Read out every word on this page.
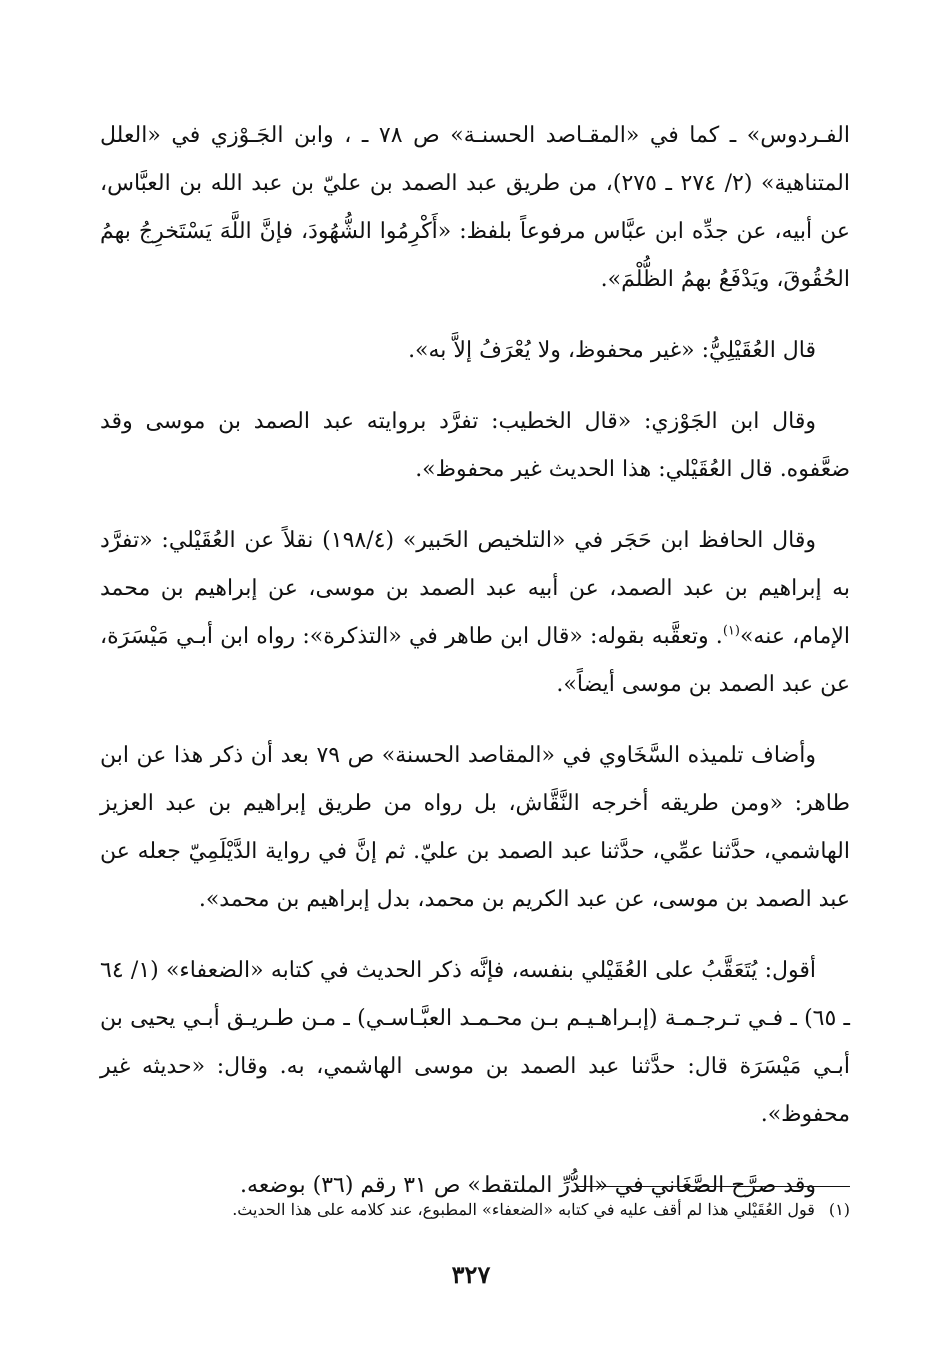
الفـردوس» ـ كما في «المقـاصد الحسنـة» ص ٧٨ ـ ، وابن الجَـوْزي في «العلل المتناهية» (٢/ ٢٧٤ ـ ٢٧٥)، من طريق عبد الصمد بن عليّ بن عبد الله بن العبَّاس، عن أبيه، عن جدِّه ابن عبَّاس مرفوعاً بلفظ: «أَكْرِمُوا الشُّهُودَ، فإنَّ اللَّهَ يَسْتَخرِجُ بهمُ الحُقُوقَ، ويَدْفَعُ بهمُ الظُّلْمَ».

قال العُقَيْلِيُّ: «غير محفوظ، ولا يُعْرَفُ إلاَّ به».

وقال ابن الجَوْزي: «قال الخطيب: تفرَّد بروايته عبد الصمد بن موسى وقد ضعَّفوه. قال العُقَيْلي: هذا الحديث غير محفوظ».

وقال الحافظ ابن حَجَر في «التلخيص الحَبير» (١٩٨/٤) نقلاً عن العُقَيْلي: «تفرَّد به إبراهيم بن عبد الصمد، عن أبيه عبد الصمد بن موسى، عن إبراهيم بن محمد الإمام، عنه»$^{(١)}$. وتعقَّبه بقوله: «قال ابن طاهر في «التذكرة»: رواه ابن أبـي مَيْسَرَة، عن عبد الصمد بن موسى أيضاً».

وأضاف تلميذه السَّخَاوي في «المقاصد الحسنة» ص ٧٩ بعد أن ذكر هذا عن ابن طاهر: «ومن طريقه أخرجه النَّقَّاش، بل رواه من طريق إبراهيم بن عبد العزيز الهاشمي، حدَّثنا عمِّي، حدَّثنا عبد الصمد بن عليّ. ثم إنَّ في رواية الدَّيْلَمِيّ جعله عن عبد الصمد بن موسى، عن عبد الكريم بن محمد، بدل إبراهيم بن محمد».

أقول: يُتَعَقَّبُ على العُقَيْلي بنفسه، فإنَّه ذكر الحديث في كتابه «الضعفاء» (١/ ٦٤ ـ ٦٥) ـ فـي تـرجـمـة (إبـراهـيـم بـن محـمـد العبَّـاسـي) ـ مـن طـريـق أبـي يحيى بن أبـي مَيْسَرَة قال: حدَّثنا عبد الصمد بن موسى الهاشمي، به. وقال: «حديثه غير محفوظ».

وقد صرَّح الصَّغَاني في «الدُّرِّ الملتقط» ص ٣١ رقم (٣٦) بوضعه.

(١)قول العُقَيْلي هذا لم أقف عليه في كتابه «الضعفاء» المطبوع، عند كلامه على هذا الحديث.
٣٢٧
